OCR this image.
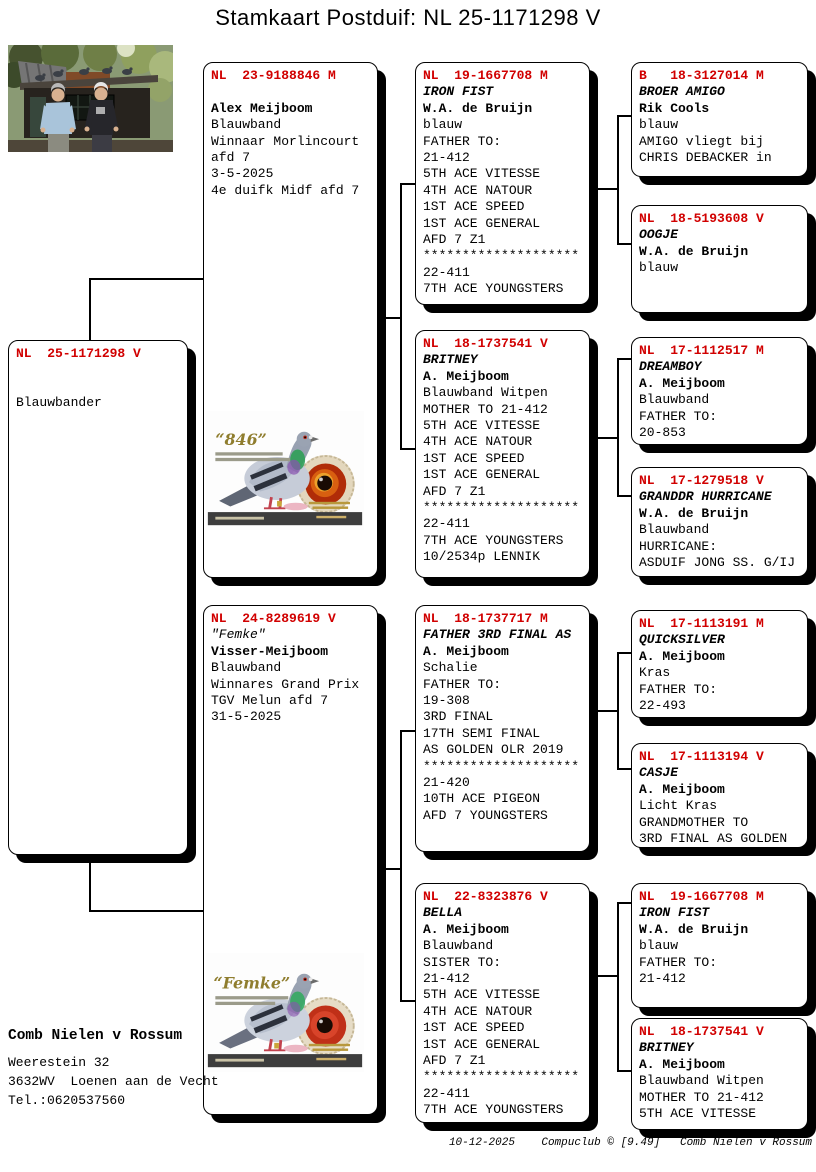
Stamkaart Postduif: NL 25-1171298 V
NL  25-1171298 V

Blauwbander
NL  23-9188846 M

Alex Meijboom
Blauwband
Winnaar Morlincourt
afd 7
3-5-2025
4e duifk Midf afd 7
“846”
NL  24-8289619 V
"Femke"
Visser-Meijboom
Blauwband
Winnares Grand Prix
TGV Melun afd 7
31-5-2025
“Femke”
NL  19-1667708 M
IRON FIST
W.A. de Bruijn
blauw
FATHER TO:
21-412
5TH ACE VITESSE
4TH ACE NATOUR
1ST ACE SPEED
1ST ACE GENERAL
AFD 7 Z1
********************
22-411
7TH ACE YOUNGSTERS
NL  18-1737541 V
BRITNEY
A. Meijboom
Blauwband Witpen
MOTHER TO 21-412
5TH ACE VITESSE
4TH ACE NATOUR
1ST ACE SPEED
1ST ACE GENERAL
AFD 7 Z1
********************
22-411
7TH ACE YOUNGSTERS
10/2534p LENNIK
NL  18-1737717 M
FATHER 3RD FINAL AS
A. Meijboom
Schalie
FATHER TO:
19-308
3RD FINAL
17TH SEMI FINAL
AS GOLDEN OLR 2019
********************
21-420
10TH ACE PIGEON
AFD 7 YOUNGSTERS
NL  22-8323876 V
BELLA
A. Meijboom
Blauwband
SISTER TO:
21-412
5TH ACE VITESSE
4TH ACE NATOUR
1ST ACE SPEED
1ST ACE GENERAL
AFD 7 Z1
********************
22-411
7TH ACE YOUNGSTERS
B   18-3127014 M
BROER AMIGO
Rik Cools
blauw
AMIGO vliegt bij
CHRIS DEBACKER in
NL  18-5193608 V
OOGJE
W.A. de Bruijn
blauw
NL  17-1112517 M
DREAMBOY
A. Meijboom
Blauwband
FATHER TO:
20-853
NL  17-1279518 V
GRANDDR HURRICANE
W.A. de Bruijn
Blauwband
HURRICANE:
ASDUIF JONG SS. G/IJ
NL  17-1113191 M
QUICKSILVER
A. Meijboom
Kras
FATHER TO:
22-493
NL  17-1113194 V
CASJE
A. Meijboom
Licht Kras
GRANDMOTHER TO
3RD FINAL AS GOLDEN
NL  19-1667708 M
IRON FIST
W.A. de Bruijn
blauw
FATHER TO:
21-412
NL  18-1737541 V
BRITNEY
A. Meijboom
Blauwband Witpen
MOTHER TO 21-412
5TH ACE VITESSE
Comb Nielen v Rossum
Weerestein 32
3632WV  Loenen aan de Vecht
Tel.:0620537560
10-12-2025    Compuclub © [9.49]   Comb Nielen v Rossum
